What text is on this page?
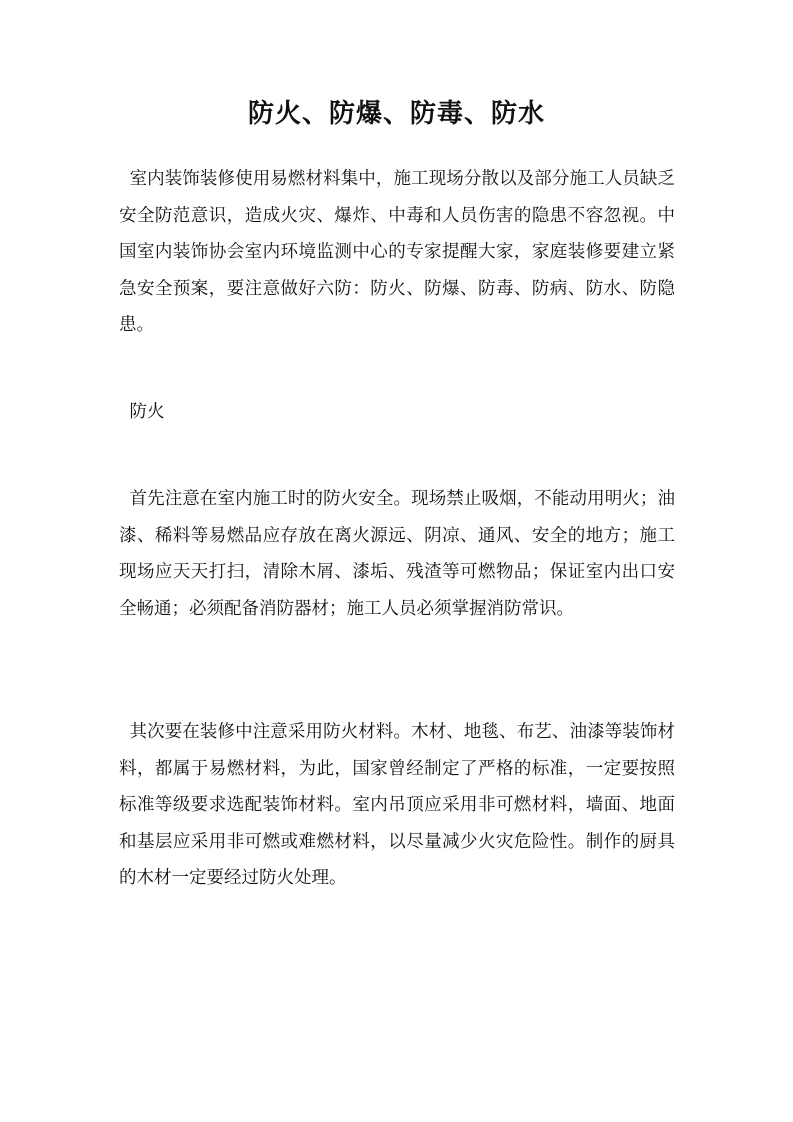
防火、防爆、防毒、防水

室内装饰装修使用易燃材料集中，施工现场分散以及部分施工人员缺乏安全防范意识，造成火灾、爆炸、中毒和人员伤害的隐患不容忽视。中国室内装饰协会室内环境监测中心的专家提醒大家，家庭装修要建立紧急安全预案，要注意做好六防：防火、防爆、防毒、防病、防水、防隐患。

防火

首先注意在室内施工时的防火安全。现场禁止吸烟，不能动用明火；油漆、稀料等易燃品应存放在离火源远、阴凉、通风、安全的地方；施工现场应天天打扫，清除木屑、漆垢、残渣等可燃物品；保证室内出口安全畅通；必须配备消防器材；施工人员必须掌握消防常识。

其次要在装修中注意采用防火材料。木材、地毯、布艺、油漆等装饰材料，都属于易燃材料，为此，国家曾经制定了严格的标准，一定要按照标准等级要求选配装饰材料。室内吊顶应采用非可燃材料，墙面、地面和基层应采用非可燃或难燃材料，以尽量减少火灾危险性。制作的厨具的木材一定要经过防火处理。
